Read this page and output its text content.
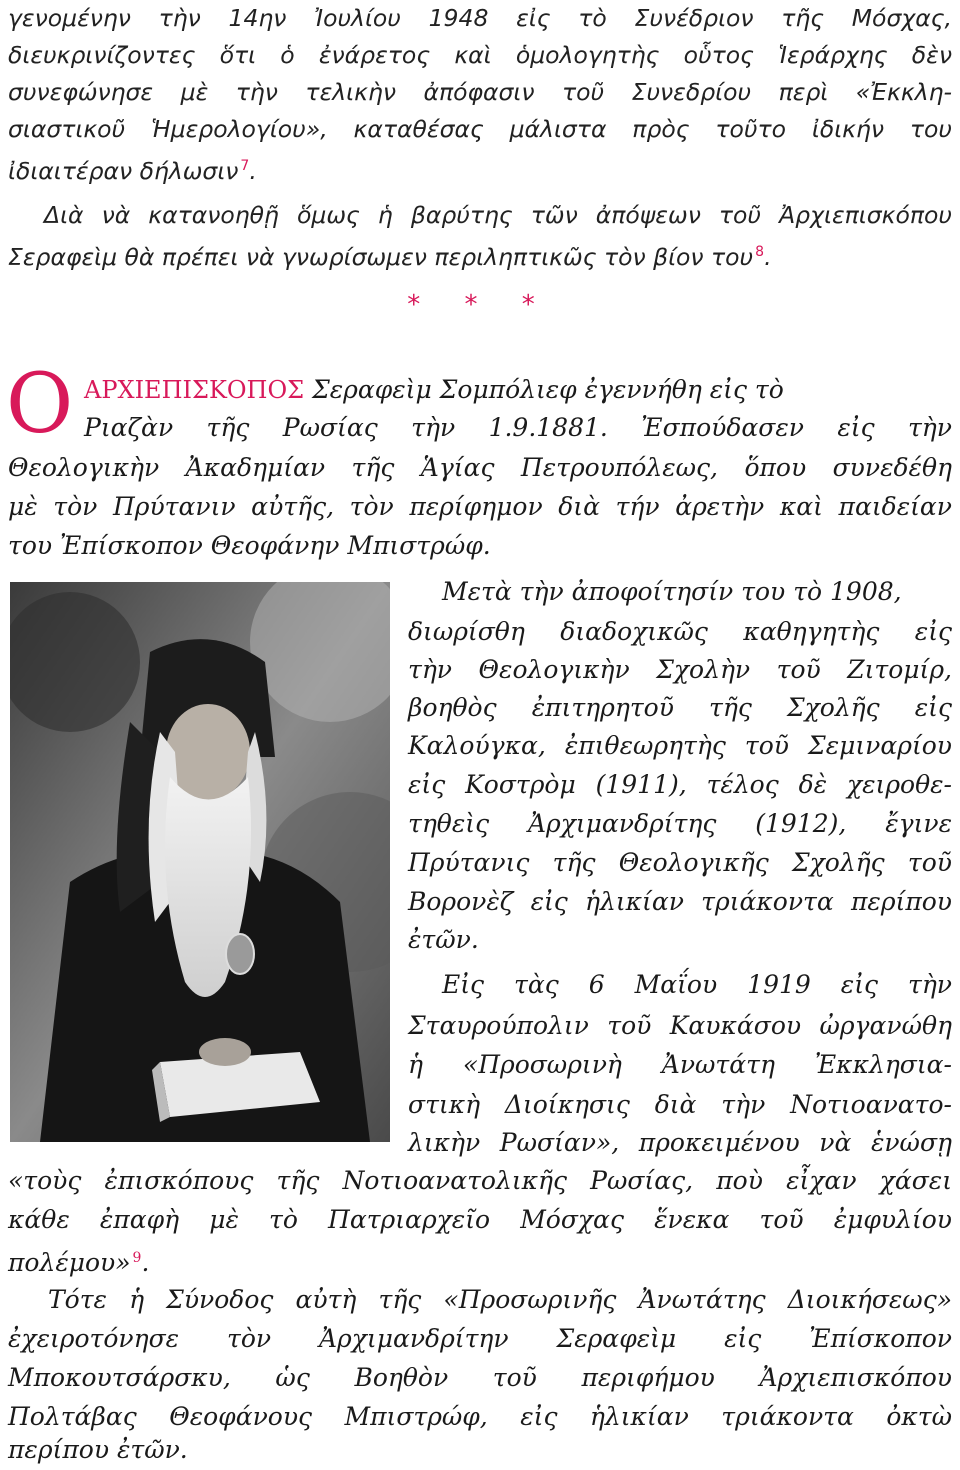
γενομένην τὴν 14ην Ἰουλίου 1948 εἰς τὸ Συνέδριον τῆς Μόσχας,
διευκρινίζοντες ὅτι ὁ ἐνάρετος καὶ ὁμολογητὴς οὗτος Ἱεράρχης δὲν
συνεφώνησε μὲ τὴν τελικὴν ἀπόφασιν τοῦ Συνεδρίου περὶ «Ἐκκλη-
σιαστικοῦ Ἡμερολογίου», καταθέσας μάλιστα πρὸς τοῦτο ἰδικήν του
ἰδιαιτέραν δήλωσιν $^7$.
Διὰ νὰ κατανοηθῇ ὅμως ἡ βαρύτης τῶν ἀπόψεων τοῦ Ἀρχιεπισκόπου
Σεραφεὶμ θὰ πρέπει νὰ γνωρίσωμεν περιληπτικῶς τὸν βίον του $^8$.
* * *
Ο ΑΡΧΙΕΠΙΣΚΟΠΟΣ Σεραφεὶμ Σομπόλιεφ ἐγεννήθη εἰς τὸ
Ριαζὰν τῆς Ρωσίας τὴν 1.9.1881. Ἐσπούδασεν εἰς τὴν
Θεολογικὴν Ἀκαδημίαν τῆς Ἁγίας Πετρουπόλεως, ὅπου συνεδέθη
μὲ τὸν Πρύτανιν αὐτῆς, τὸν περίφημον διὰ τήν ἀρετὴν καὶ παιδείαν
του Ἐπίσκοπον Θεοφάνην Μπιστρώφ.
Μετὰ τὴν ἀποφοίτησίν του τὸ 1908,
διωρίσθη διαδοχικῶς καθηγητὴς εἰς
τὴν Θεολογικὴν Σχολὴν τοῦ Ζιτομίρ,
βοηθὸς ἐπιτηρητοῦ τῆς Σχολῆς εἰς
Καλούγκα, ἐπιθεωρητὴς τοῦ Σεμιναρίου
εἰς Κοστρὸμ (1911), τέλος δὲ χειροθε-
τηθεὶς Ἀρχιμανδρίτης (1912), ἔγινε
Πρύτανις τῆς Θεολογικῆς Σχολῆς τοῦ
Βορονὲζ εἰς ἡλικίαν τριάκοντα περίπου
ἐτῶν.
Εἰς τὰς 6 Μαΐου 1919 εἰς τὴν
Σταυρούπολιν τοῦ Καυκάσου ὠργανώθη
ἡ «Προσωρινὴ Ἀνωτάτη Ἐκκλησια-
στικὴ Διοίκησις διὰ τὴν Νοτιοανατο-
λικὴν Ρωσίαν», προκειμένου νὰ ἑνώσῃ
«τοὺς ἐπισκόπους τῆς Νοτιοανατολικῆς Ρωσίας, ποὺ εἶχαν χάσει
κάθε ἐπαφὴ μὲ τὸ Πατριαρχεῖο Μόσχας ἕνεκα τοῦ ἐμφυλίου
πολέμου» $^9$.
Τότε ἡ Σύνοδος αὐτὴ τῆς «Προσωρινῆς Ἀνωτάτης Διοικήσεως»
ἐχειροτόνησε τὸν Ἀρχιμανδρίτην Σεραφεὶμ εἰς Ἐπίσκοπον
Μποκουτσάρσκυ, ὡς Βοηθὸν τοῦ περιφήμου Ἀρχιεπισκόπου
Πολτάβας Θεοφάνους Μπιστρώφ, εἰς ἡλικίαν τριάκοντα ὀκτὼ
περίπου ἐτῶν.
